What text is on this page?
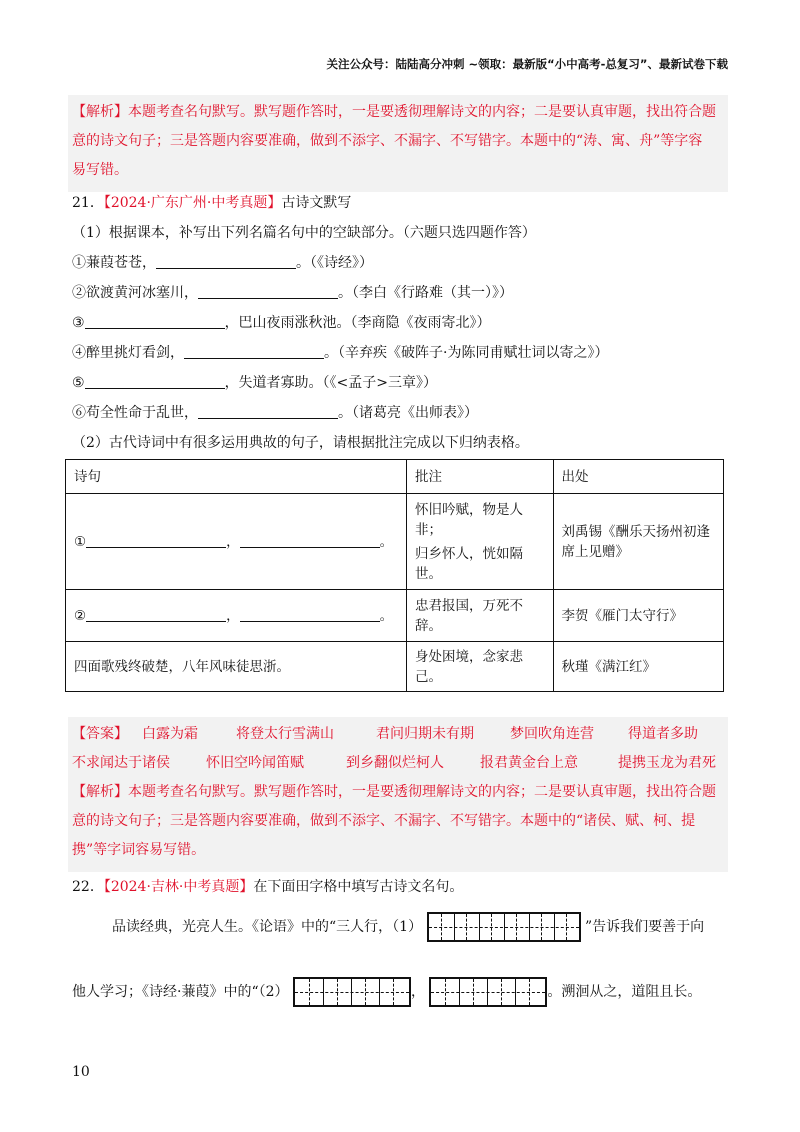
关注公众号：陆陆高分冲刺 ~领取：最新版“小中高考-总复习”、最新试卷下载
【解析】本题考查名句默写。默写题作答时，一是要透彻理解诗文的内容；二是要认真审题，找出符合题
意的诗文句子；三是答题内容要准确，做到不添字、不漏字、不写错字。本题中的“涛、寓、舟”等字容
易写错。
21．【2024·广东广州·中考真题】古诗文默写
（1）根据课本，补写出下列名篇名句中的空缺部分。（六题只选四题作答）
①蒹葭苍苍，	。（《诗经》）
②欲渡黄河冰塞川，	。（李白《行路难（其一）》）
③	，巴山夜雨涨秋池。（李商隐《夜雨寄北》）
④醉里挑灯看剑，	。（辛弃疾《破阵子·为陈同甫赋壮词以寄之》）
⑤	，失道者寡助。（《<孟子>三章》）
⑥苟全性命于乱世，	。（诸葛亮《出师表》）
（2）古代诗词中有很多运用典故的句子，请根据批注完成以下归纳表格。
诗句	批注	出处
① ， 。	怀旧吟赋，物是人非；
归乡怀人，恍如隔世。	刘禹锡《酬乐天扬州初逢席上见赠》
② ， 。	忠君报国，万死不辞。	李贺《雁门太守行》
四面歌残终破楚，八年风味徒思浙。	身处困境，念家悲己。	秋瑾《满江红》
【答案】 白露为霜	将登太行雪满山	君问归期未有期	梦回吹角连营 得道者多助
不求闻达于诸侯	怀旧空吟闻笛赋	到乡翻似烂柯人	报君黄金台上意	提携玉龙为君死
【解析】本题考查名句默写。默写题作答时，一是要透彻理解诗文的内容；二是要认真审题，找出符合题
意的诗文句子；三是答题内容要准确，做到不添字、不漏字、不写错字。本题中的“诸侯、赋、柯、提
携”等字词容易写错。
22．【2024·吉林·中考真题】在下面田字格中填写古诗文名句。
品读经典，光亮人生。《论语》中的“三人行，（1）	”告诉我们要善于向
他人学习；《诗经·蒹葭》中的“（2）	，	。溯洄从之，道阻且长。
10
